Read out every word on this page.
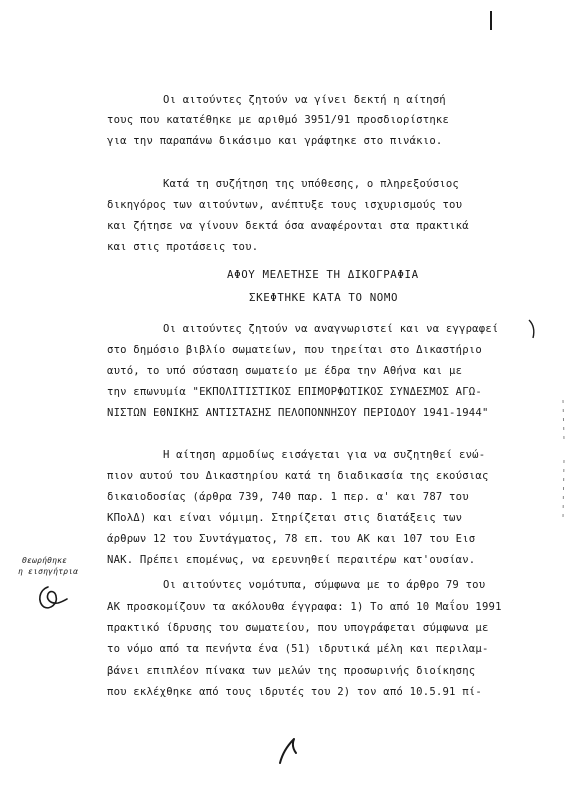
Οι αιτούντες ζητούν να γίνει δεκτή η αίτησή
τους που κατατέθηκε με αριθμό 3951/91 προσδιορίστηκε
για την παραπάνω δικάσιμο και γράφτηκε στο πινάκιο.
Κατά τη συζήτηση της υπόθεσης, ο πληρεξούσιος
δικηγόρος των αιτούντων, ανέπτυξε τους ισχυρισμούς του
και ζήτησε να γίνουν δεκτά όσα αναφέρονται στα πρακτικά
και στις προτάσεις του.
ΑΦΟΥ ΜΕΛΕΤΗΣΕ ΤΗ ΔΙΚΟΓΡΑΦΙΑ
ΣΚΕΦΤΗΚΕ ΚΑΤΑ ΤΟ ΝΟΜΟ
Οι αιτούντες ζητούν να αναγνωριστεί και να εγγραφεί
στο δημόσιο βιβλίο σωματείων, που τηρείται στο Δικαστήριο
αυτό, το υπό σύσταση σωματείο με έδρα την Αθήνα και με
την επωνυμία "ΕΚΠΟΛΙΤΙΣΤΙΚΟΣ ΕΠΙΜΟΡΦΩΤΙΚΟΣ ΣΥΝΔΕΣΜΟΣ ΑΓΩ-
ΝΙΣΤΩΝ ΕΘΝΙΚΗΣ ΑΝΤΙΣΤΑΣΗΣ ΠΕΛΟΠΟΝΝΗΣΟΥ ΠΕΡΙΟΔΟΥ 1941-1944"
Η αίτηση αρμοδίως εισάγεται για να συζητηθεί ενώ-
πιον αυτού του Δικαστηρίου κατά τη διαδικασία της εκούσιας
δικαιοδοσίας (άρθρα 739, 740 παρ. 1 περ. α' και 787 του
ΚΠολΔ) και είναι νόμιμη. Στηρίζεται στις διατάξεις των
άρθρων 12 του Συντάγματος, 78 επ. του ΑΚ και 107 του Εισ
ΝΑΚ. Πρέπει επομένως, να ερευνηθεί περαιτέρω κατ'ουσίαν.
Οι αιτούντες νομότυπα, σύμφωνα με το άρθρο 79 του
ΑΚ προσκομίζουν τα ακόλουθα έγγραφα: 1) Το από 10 Μαΐου 1991
πρακτικό ίδρυσης του σωματείου, που υπογράφεται σύμφωνα με
το νόμο από τα πενήντα ένα (51) ιδρυτικά μέλη και περιλαμ-
βάνει επιπλέον πίνακα των μελών της προσωρινής διοίκησης
που εκλέχθηκε από τους ιδρυτές του 2) τον από 10.5.91 πί-
Θεωρήθηκε
η εισηγήτρια
